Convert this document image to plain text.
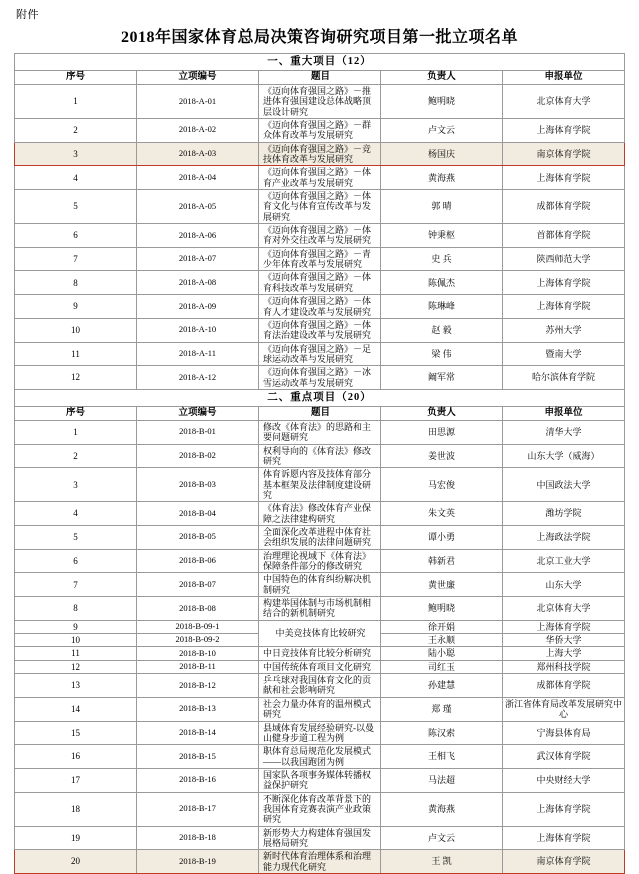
附件
2018年国家体育总局决策咨询研究项目第一批立项名单
一、重大项目（12）				
序号	立项编号	题目	负责人	申报单位
1	2018-A-01	《迈向体育强国之路》－推进体育强国建设总体战略顶层设计研究	鲍明晓	北京体育大学
2	2018-A-02	《迈向体育强国之路》－群众体育改革与发展研究	卢文云	上海体育学院
3	2018-A-03	《迈向体育强国之路》－竞技体育改革与发展研究	杨国庆	南京体育学院
4	2018-A-04	《迈向体育强国之路》－体育产业改革与发展研究	黄海燕	上海体育学院
5	2018-A-05	《迈向体育强国之路》－体育文化与体育宣传改革与发展研究	郭 晴	成都体育学院
6	2018-A-06	《迈向体育强国之路》－体育对外交往改革与发展研究	钟秉枢	首都体育学院
7	2018-A-07	《迈向体育强国之路》－青少年体育改革与发展研究	史 兵	陕西师范大学
8	2018-A-08	《迈向体育强国之路》－体育科技改革与发展研究	陈佩杰	上海体育学院
9	2018-A-09	《迈向体育强国之路》－体育人才建设改革与发展研究	陈琳峰	上海体育学院
10	2018-A-10	《迈向体育强国之路》－体育法治建设改革与发展研究	赵 毅	苏州大学
11	2018-A-11	《迈向体育强国之路》－足球运动改革与发展研究	梁 伟	暨南大学
12	2018-A-12	《迈向体育强国之路》－冰雪运动改革与发展研究	阚军常	哈尔滨体育学院
二、重点项目（20）				
序号	立项编号	题目	负责人	申报单位
1	2018-B-01	修改《体育法》的思路和主要问题研究	田思源	清华大学
2	2018-B-02	权利导向的《体育法》修改研究	姜世波	山东大学（威海）
3	2018-B-03	体育诉愿内容及技体育部分基本框架及法律制度建设研究	马宏俊	中国政法大学
4	2018-B-04	《体育法》修改体育产业保障之法律建构研究	朱文英	潍坊学院
5	2018-B-05	全面深化改革进程中体育社会组织发展的法律问题研究	谭小勇	上海政法学院
6	2018-B-06	治理理论视域下《体育法》保障条件部分的修改研究	韩新君	北京工业大学
7	2018-B-07	中国特色的体育纠纷解决机制研究	黄世廉	山东大学
8	2018-B-08	构建举国体制与市场机制相结合的新机制研究	鲍明晓	北京体育大学
9	2018-B-09-1	中美竞技体育比较研究	徐开娟	上海体育学院
10	2018-B-09-2		王永顺	华侨大学
11	2018-B-10	中日竞技体育比较分析研究	陆小聪	上海大学
12	2018-B-11	中国传统体育项目文化研究	司红玉	郑州科技学院
13	2018-B-12	乒乓球对我国体育文化的贡献和社会影响研究	孙建慧	成都体育学院
14	2018-B-13	社会力量办体育的温州模式研究	郑 瑾	浙江省体育局改革发展研究中心
15	2018-B-14	县域体育发展经验研究-以曼山健身步道工程为例	陈汉索	宁海县体育局
16	2018-B-15	职体育总局规范化发展模式——以我国跑团为例	王相飞	武汉体育学院
17	2018-B-16	国家队各项事务媒体转播权益保护研究	马法超	中央财经大学
18	2018-B-17	不断深化体育改革背景下的我国体育竞赛表演产业政策研究	黄海燕	上海体育学院
19	2018-B-18	新形势大力构建体育强国发展格局研究	卢文云	上海体育学院
20	2018-B-19	新时代体育治理体系和治理能力现代化研究	王 凯	南京体育学院
